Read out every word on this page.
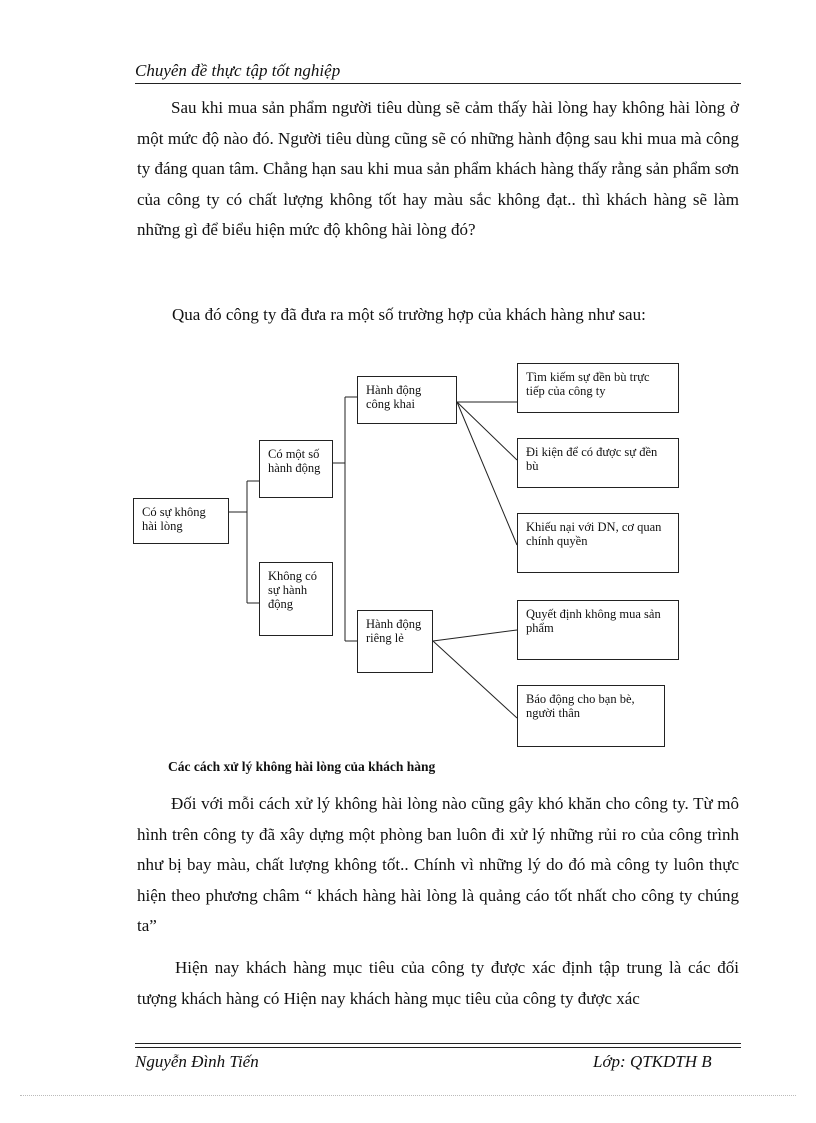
Chuyên đề thực tập tốt nghiệp

Sau khi mua sản phẩm người tiêu dùng sẽ cảm thấy hài lòng hay không hài lòng ở một mức độ nào đó. Người tiêu dùng cũng sẽ có những hành động sau khi mua mà công ty đáng quan tâm. Chẳng hạn sau khi mua sản phẩm khách hàng thấy rằng sản phẩm sơn của công ty có chất lượng không tốt hay màu sắc không đạt.. thì khách hàng sẽ làm những gì để biểu hiện mức độ không hài lòng đó?

Qua đó công ty đã đưa ra một số trường hợp của khách hàng như sau:
Có sự không hài lòng
Có một số hành động
Không có sự hành động
Hành động công khai
Hành động riêng lẻ
Tìm kiếm sự đền bù trực tiếp của công ty
Đi kiện để có được sự đền bù
Khiếu nại với DN, cơ quan chính quyền
Quyết định không mua sản phẩm
Báo động cho bạn bè, người thân
Các cách xử lý không hài lòng của khách hàng

Đối với mỗi cách xử lý không hài lòng nào cũng gây khó khăn cho công ty. Từ mô hình trên công ty đã xây dựng một phòng ban luôn đi xử lý những rủi ro của công trình như bị bay màu, chất lượng không tốt.. Chính vì những lý do đó mà công ty luôn thực hiện theo phương châm “ khách hàng hài lòng là quảng cáo tốt nhất cho công ty chúng ta”

Hiện nay khách hàng mục tiêu của công ty được xác định tập trung là các đối tượng khách hàng có Hiện nay khách hàng mục tiêu của công ty được xác

Nguyễn Đình Tiến	Lớp: QTKDTH B
